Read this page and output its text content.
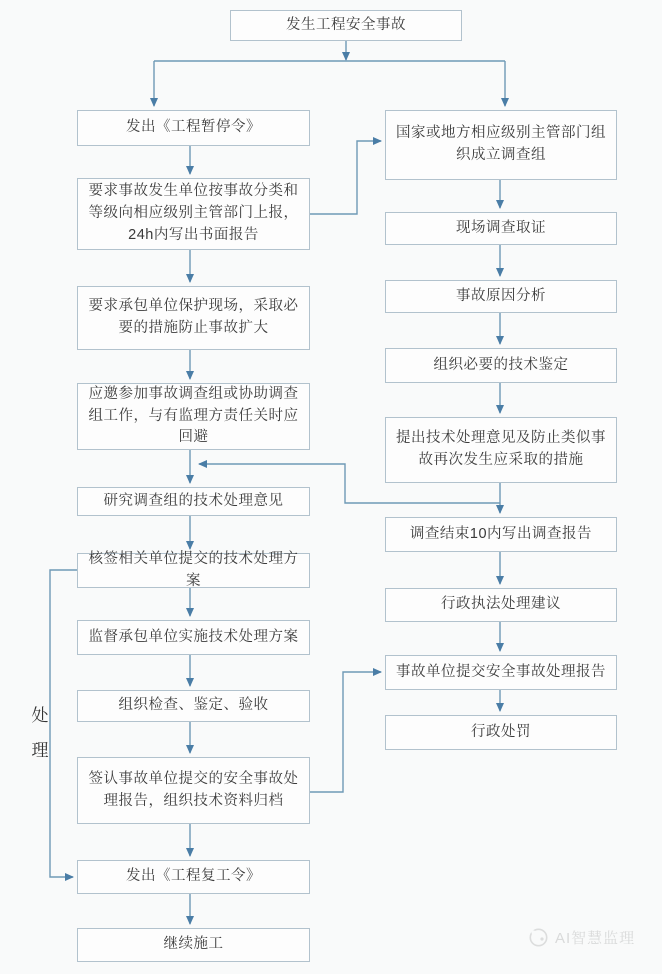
发生工程安全事故
发出《工程暂停令》
要求事故发生单位按事故分类和等级向相应级别主管部门上报，24h内写出书面报告
要求承包单位保护现场，采取必要的措施防止事故扩大
应邀参加事故调查组或协助调查组工作，与有监理方责任关时应回避
研究调查组的技术处理意见
核签相关单位提交的技术处理方案
监督承包单位实施技术处理方案
组织检查、鉴定、验收
签认事故单位提交的安全事故处理报告，组织技术资料归档
发出《工程复工令》
继续施工
国家或地方相应级别主管部门组织成立调查组
现场调查取证
事故原因分析
组织必要的技术鉴定
提出技术处理意见及防止类似事故再次发生应采取的措施
调查结束10内写出调查报告
行政执法处理建议
事故单位提交安全事故处理报告
行政处罚
处理
AI智慧监理
